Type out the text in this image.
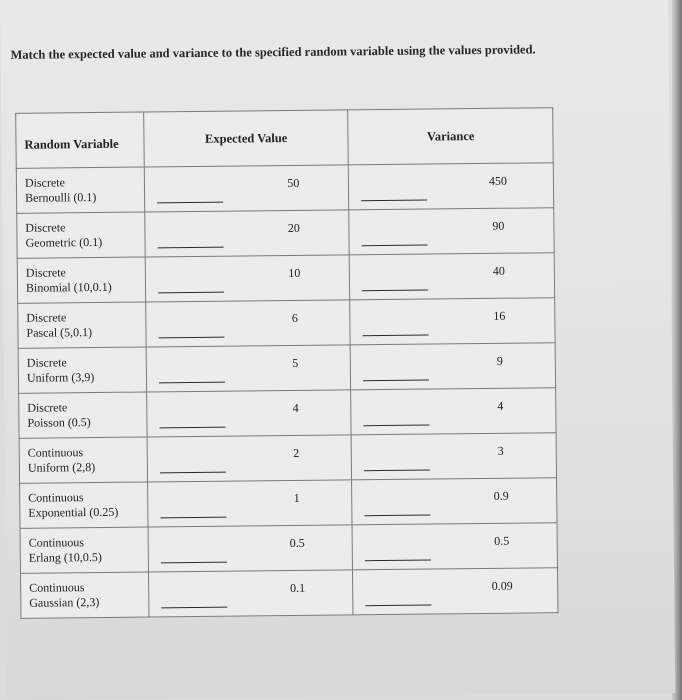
Match the expected value and variance to the specified random variable using the values provided.
Random Variable	Expected Value	Variance

Discrete
Bernoulli (0.1)	50	450

Discrete
Geometric (0.1)	20	90

Discrete
Binomial (10,0.1)	10	40

Discrete
Pascal (5,0.1)	6	16

Discrete
Uniform (3,9)	5	9

Discrete
Poisson (0.5)	4	4

Continuous
Uniform (2,8)	2	3

Continuous
Exponential (0.25)	1	0.9

Continuous
Erlang (10,0.5)	0.5	0.5

Continuous
Gaussian (2,3)	0.1	0.09
